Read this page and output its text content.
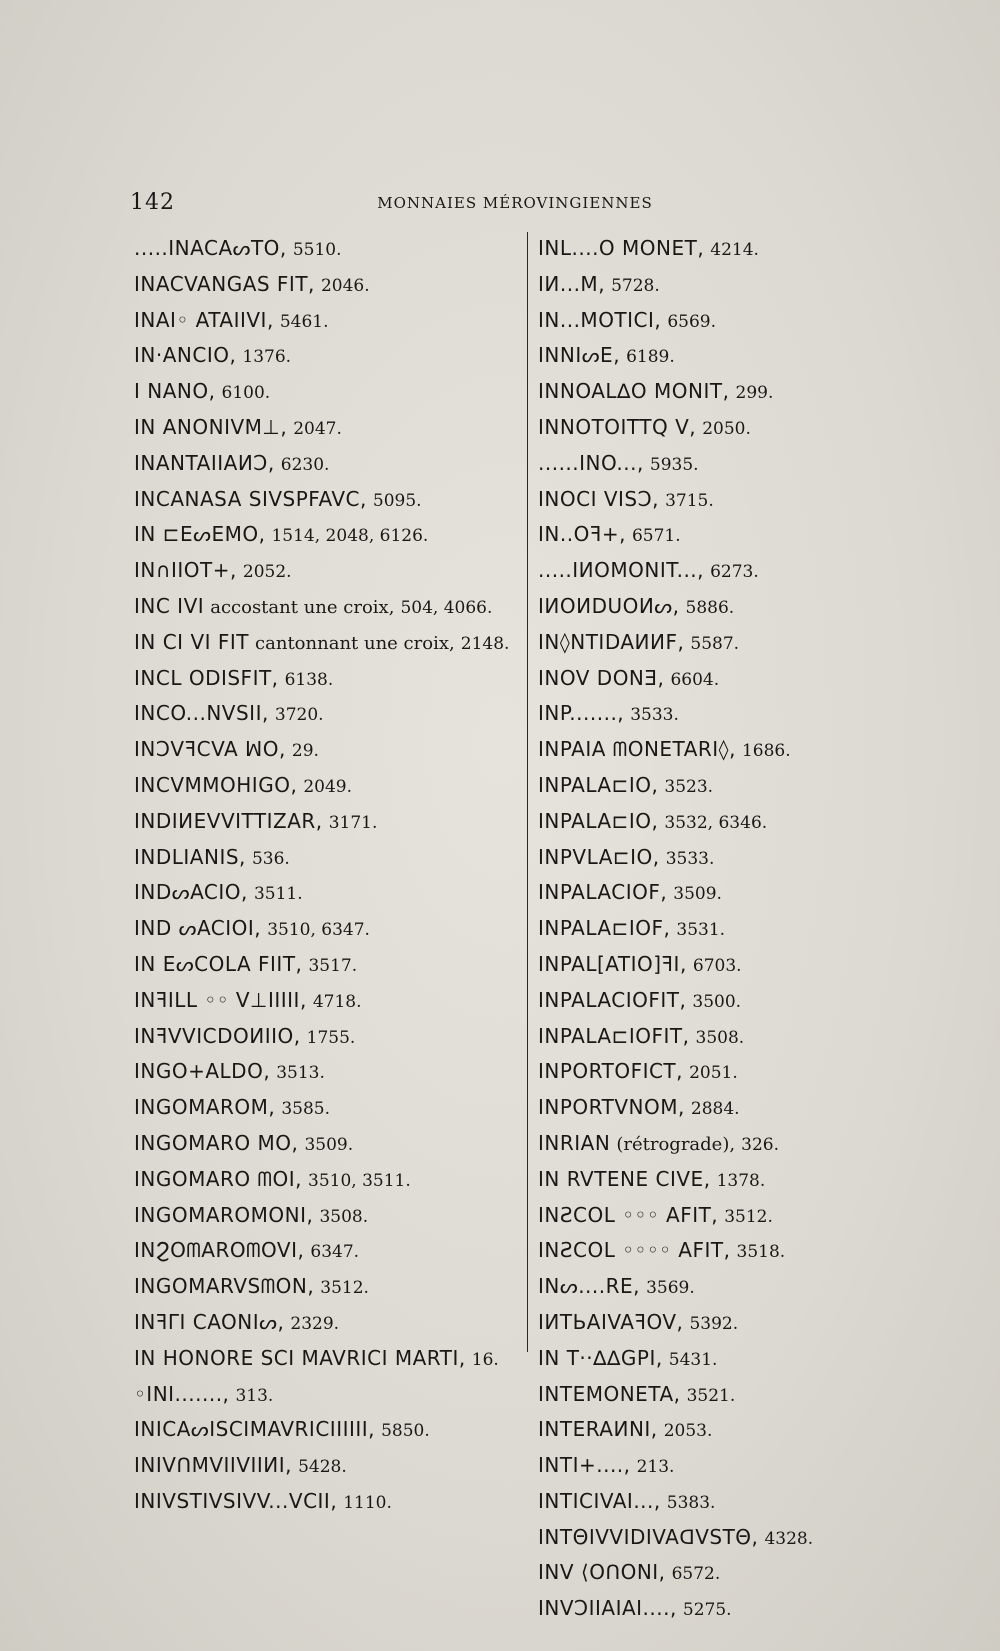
142	MONNAIES MÉROVINGIENNES
.....INACAᔕTO, 5510.
INACVANGAS FIT, 2046.
INAI◦ ATAIIVI, 5461.
IN·ANCIO, 1376.
I NANO, 6100.
IN ANONIVM⊥, 2047.
INANTAIIAИƆ, 6230.
INCANASA SIVSPFAVC, 5095.
IN ⊏EᔕEMO, 1514, 2048, 6126.
IN∩IIOT+, 2052.
INC IVI accostant une croix, 504, 4066.
IN CI VI FIT cantonnant une croix, 2148.
INCL ODISFIT, 6138.
INCO...NVSII, 3720.
INƆVꟻCVA ꟽO, 29.
INCVMMOHIGO, 2049.
INDIИEVVITTIZAR, 3171.
INDLIANIS, 536.
INDᔕACIO, 3511.
IND ᔕACIOI, 3510, 6347.
IN EᔕCOLA FIIT, 3517.
INꟻILL ◦◦ V⊥IIIII, 4718.
INꟻVVICDOИIIO, 1755.
INGO+ALDO, 3513.
INGOMAROM, 3585.
INGOMARO MO, 3509.
INGOMARO ᗰOI, 3510, 3511.
INGOMAROMONI, 3508.
INϨOᗰAROᗰOVI, 6347.
INGOMARVSᗰON, 3512.
INꟻΓI CAONIᔕ, 2329.
IN HONORE SCI MAVRICI MARTI, 16.
◦INI......., 313.
INICAᔕISCIMAVRICIIIIII, 5850.
INIVᑎMVIIVIIИI, 5428.
INIVSTIVSIVV...VCII, 1110.
INL....O MONET, 4214.
IИ...M, 5728.
IN...MOTICI, 6569.
INNIᔕE, 6189.
INNOAL∆O MONIT, 299.
INNOTOITTQ V, 2050.
......INO..., 5935.
INOCI VISƆ, 3715.
IN..Oꟻ+, 6571.
.....IИOMONIT..., 6273.
IИOИDUOИᔕ, 5886.
IN◊NTIDAИИF, 5587.
INOV DONƎ, 6604.
INP......., 3533.
INPAIA ᗰONETARI◊, 1686.
INPALA⊏IO, 3523.
INPALA⊏IO, 3532, 6346.
INPVLA⊏IO, 3533.
INPALACIOF, 3509.
INPALA⊏IOF, 3531.
INPAL[ATIO]ꟻI, 6703.
INPALACIOFIT, 3500.
INPALA⊏IOFIT, 3508.
INPORTOFICT, 2051.
INPORTVNOM, 2884.
INRIAN (rétrograde), 326.
IN RVTENE CIVE, 1378.
INƧCOL ◦◦◦ AFIT, 3512.
INƧCOL ◦◦◦◦ AFIT, 3518.
INᔕ....RE, 3569.
IИTЬAIVAꟻOV, 5392.
IN T··∆∆GPI, 5431.
INTEMONETA, 3521.
INTERAИNI, 2053.
INTI+...., 213.
INTICIVAI..., 5383.
INTΘIVVIDIVAᗡVSTΘ, 4328.
INV ⟨OᑎONI, 6572.
INVƆIIAIAI...., 5275.
